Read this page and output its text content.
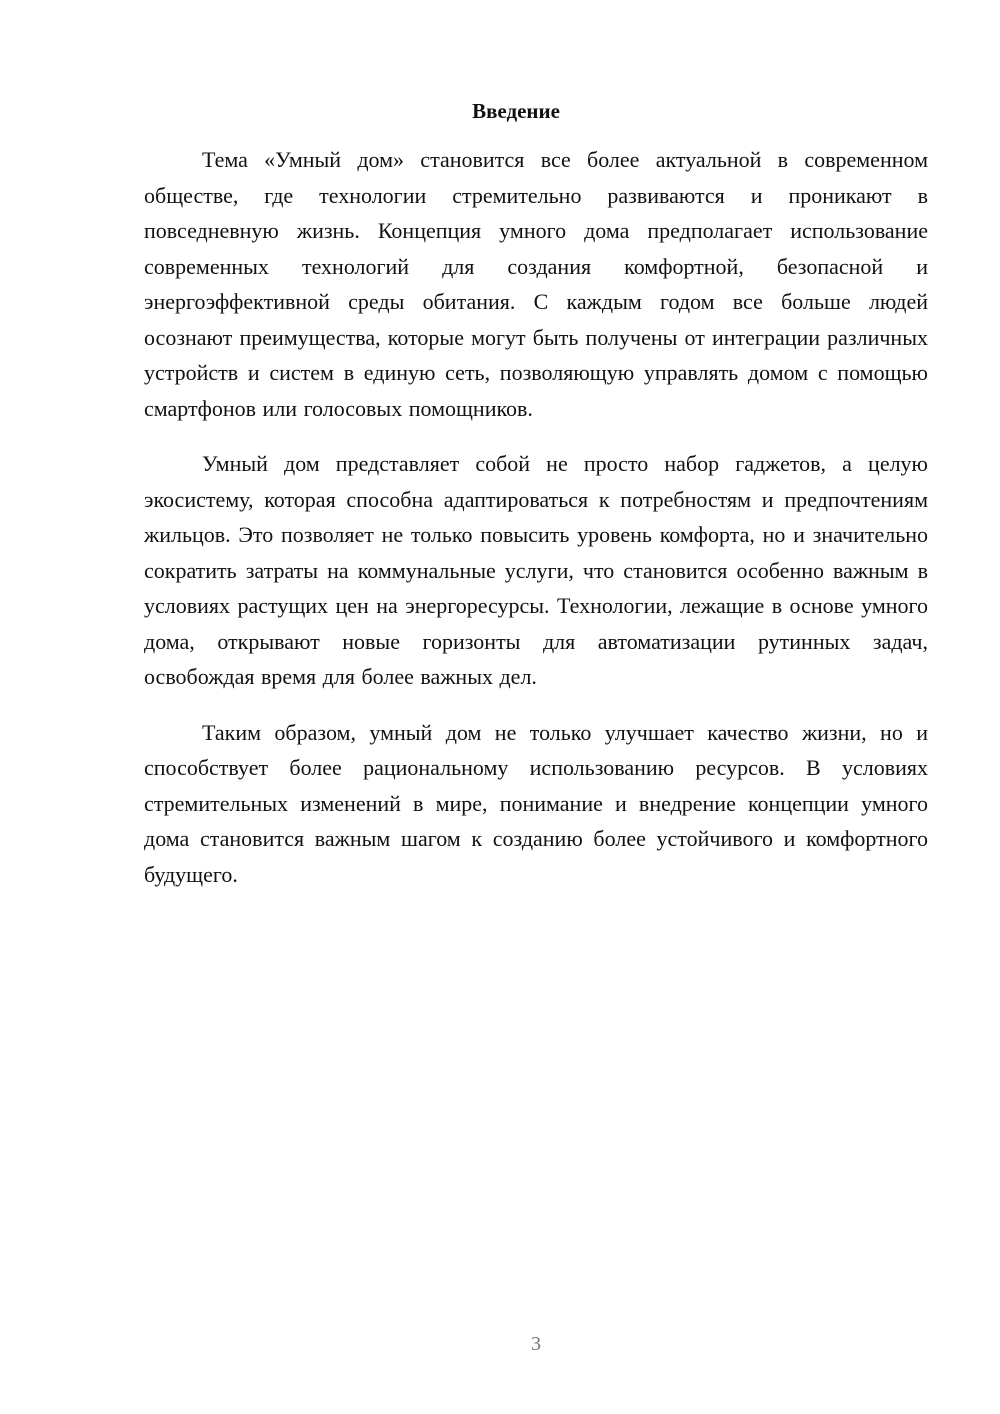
Введение

Тема «Умный дом» становится все более актуальной в современном обществе, где технологии стремительно развиваются и проникают в повседневную жизнь. Концепция умного дома предполагает использование современных технологий для создания комфортной, безопасной и энергоэффективной среды обитания. С каждым годом все больше людей осознают преимущества, которые могут быть получены от интеграции различных устройств и систем в единую сеть, позволяющую управлять домом с помощью смартфонов или голосовых помощников.

Умный дом представляет собой не просто набор гаджетов, а целую экосистему, которая способна адаптироваться к потребностям и предпочтениям жильцов. Это позволяет не только повысить уровень комфорта, но и значительно сократить затраты на коммунальные услуги, что становится особенно важным в условиях растущих цен на энергоресурсы. Технологии, лежащие в основе умного дома, открывают новые горизонты для автоматизации рутинных задач, освобождая время для более важных дел.

Таким образом, умный дом не только улучшает качество жизни, но и способствует более рациональному использованию ресурсов. В условиях стремительных изменений в мире, понимание и внедрение концепции умного дома становится важным шагом к созданию более устойчивого и комфортного будущего.

3
